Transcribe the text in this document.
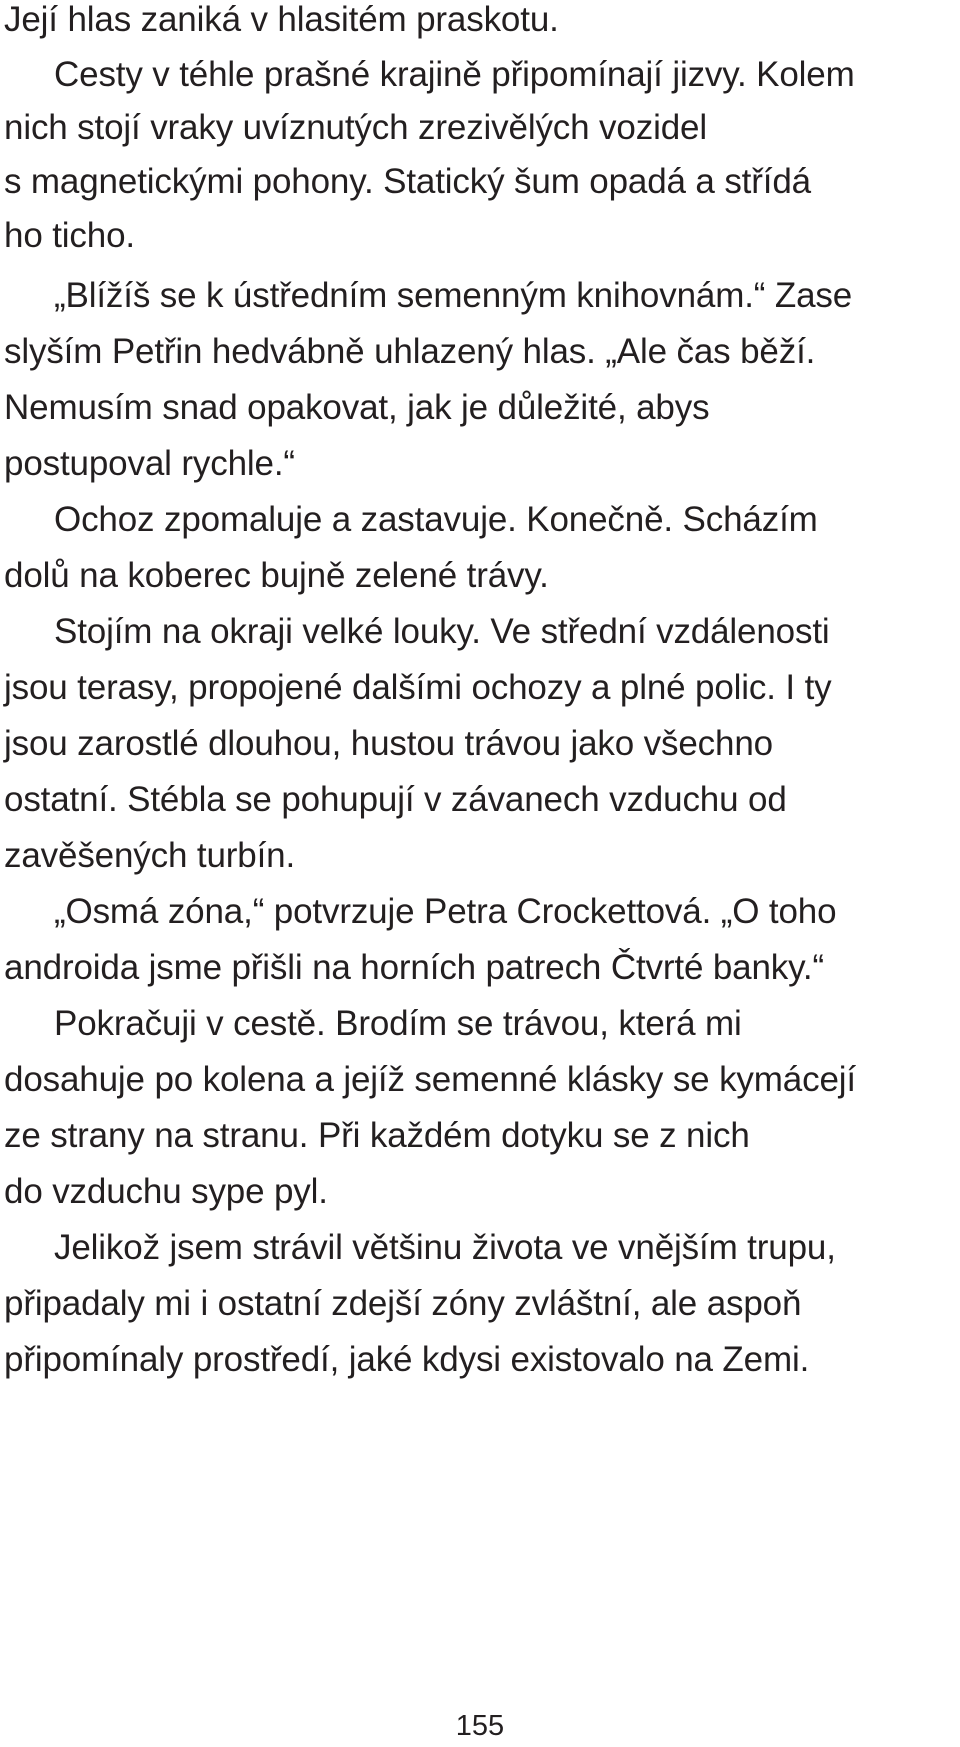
Její hlas zaniká v hlasitém praskotu.
Cesty v téhle prašné krajině připomínají jizvy. Kolem
nich stojí vraky uvíznutých zrezivělých vozidel
s magnetickými pohony. Statický šum opadá a střídá
ho ticho.
„Blížíš se k ústředním semenným knihovnám.“ Zase
slyším Petřin hedvábně uhlazený hlas. „Ale čas běží.
Nemusím snad opakovat, jak je důležité, abys
postupoval rychle.“
Ochoz zpomaluje a zastavuje. Konečně. Scházím
dolů na koberec bujně zelené trávy.
Stojím na okraji velké louky. Ve střední vzdálenosti
jsou terasy, propojené dalšími ochozy a plné polic. I ty
jsou zarostlé dlouhou, hustou trávou jako všechno
ostatní. Stébla se pohupují v závanech vzduchu od
zavěšených turbín.
„Osmá zóna,“ potvrzuje Petra Crockettová. „O toho
androida jsme přišli na horních patrech Čtvrté banky.“
Pokračuji v cestě. Brodím se trávou, která mi
dosahuje po kolena a jejíž semenné klásky se kymácejí
ze strany na stranu. Při každém dotyku se z nich
do vzduchu sype pyl.
Jelikož jsem strávil většinu života ve vnějším trupu,
připadaly mi i ostatní zdejší zóny zvláštní, ale aspoň
připomínaly prostředí, jaké kdysi existovalo na Zemi.
155
